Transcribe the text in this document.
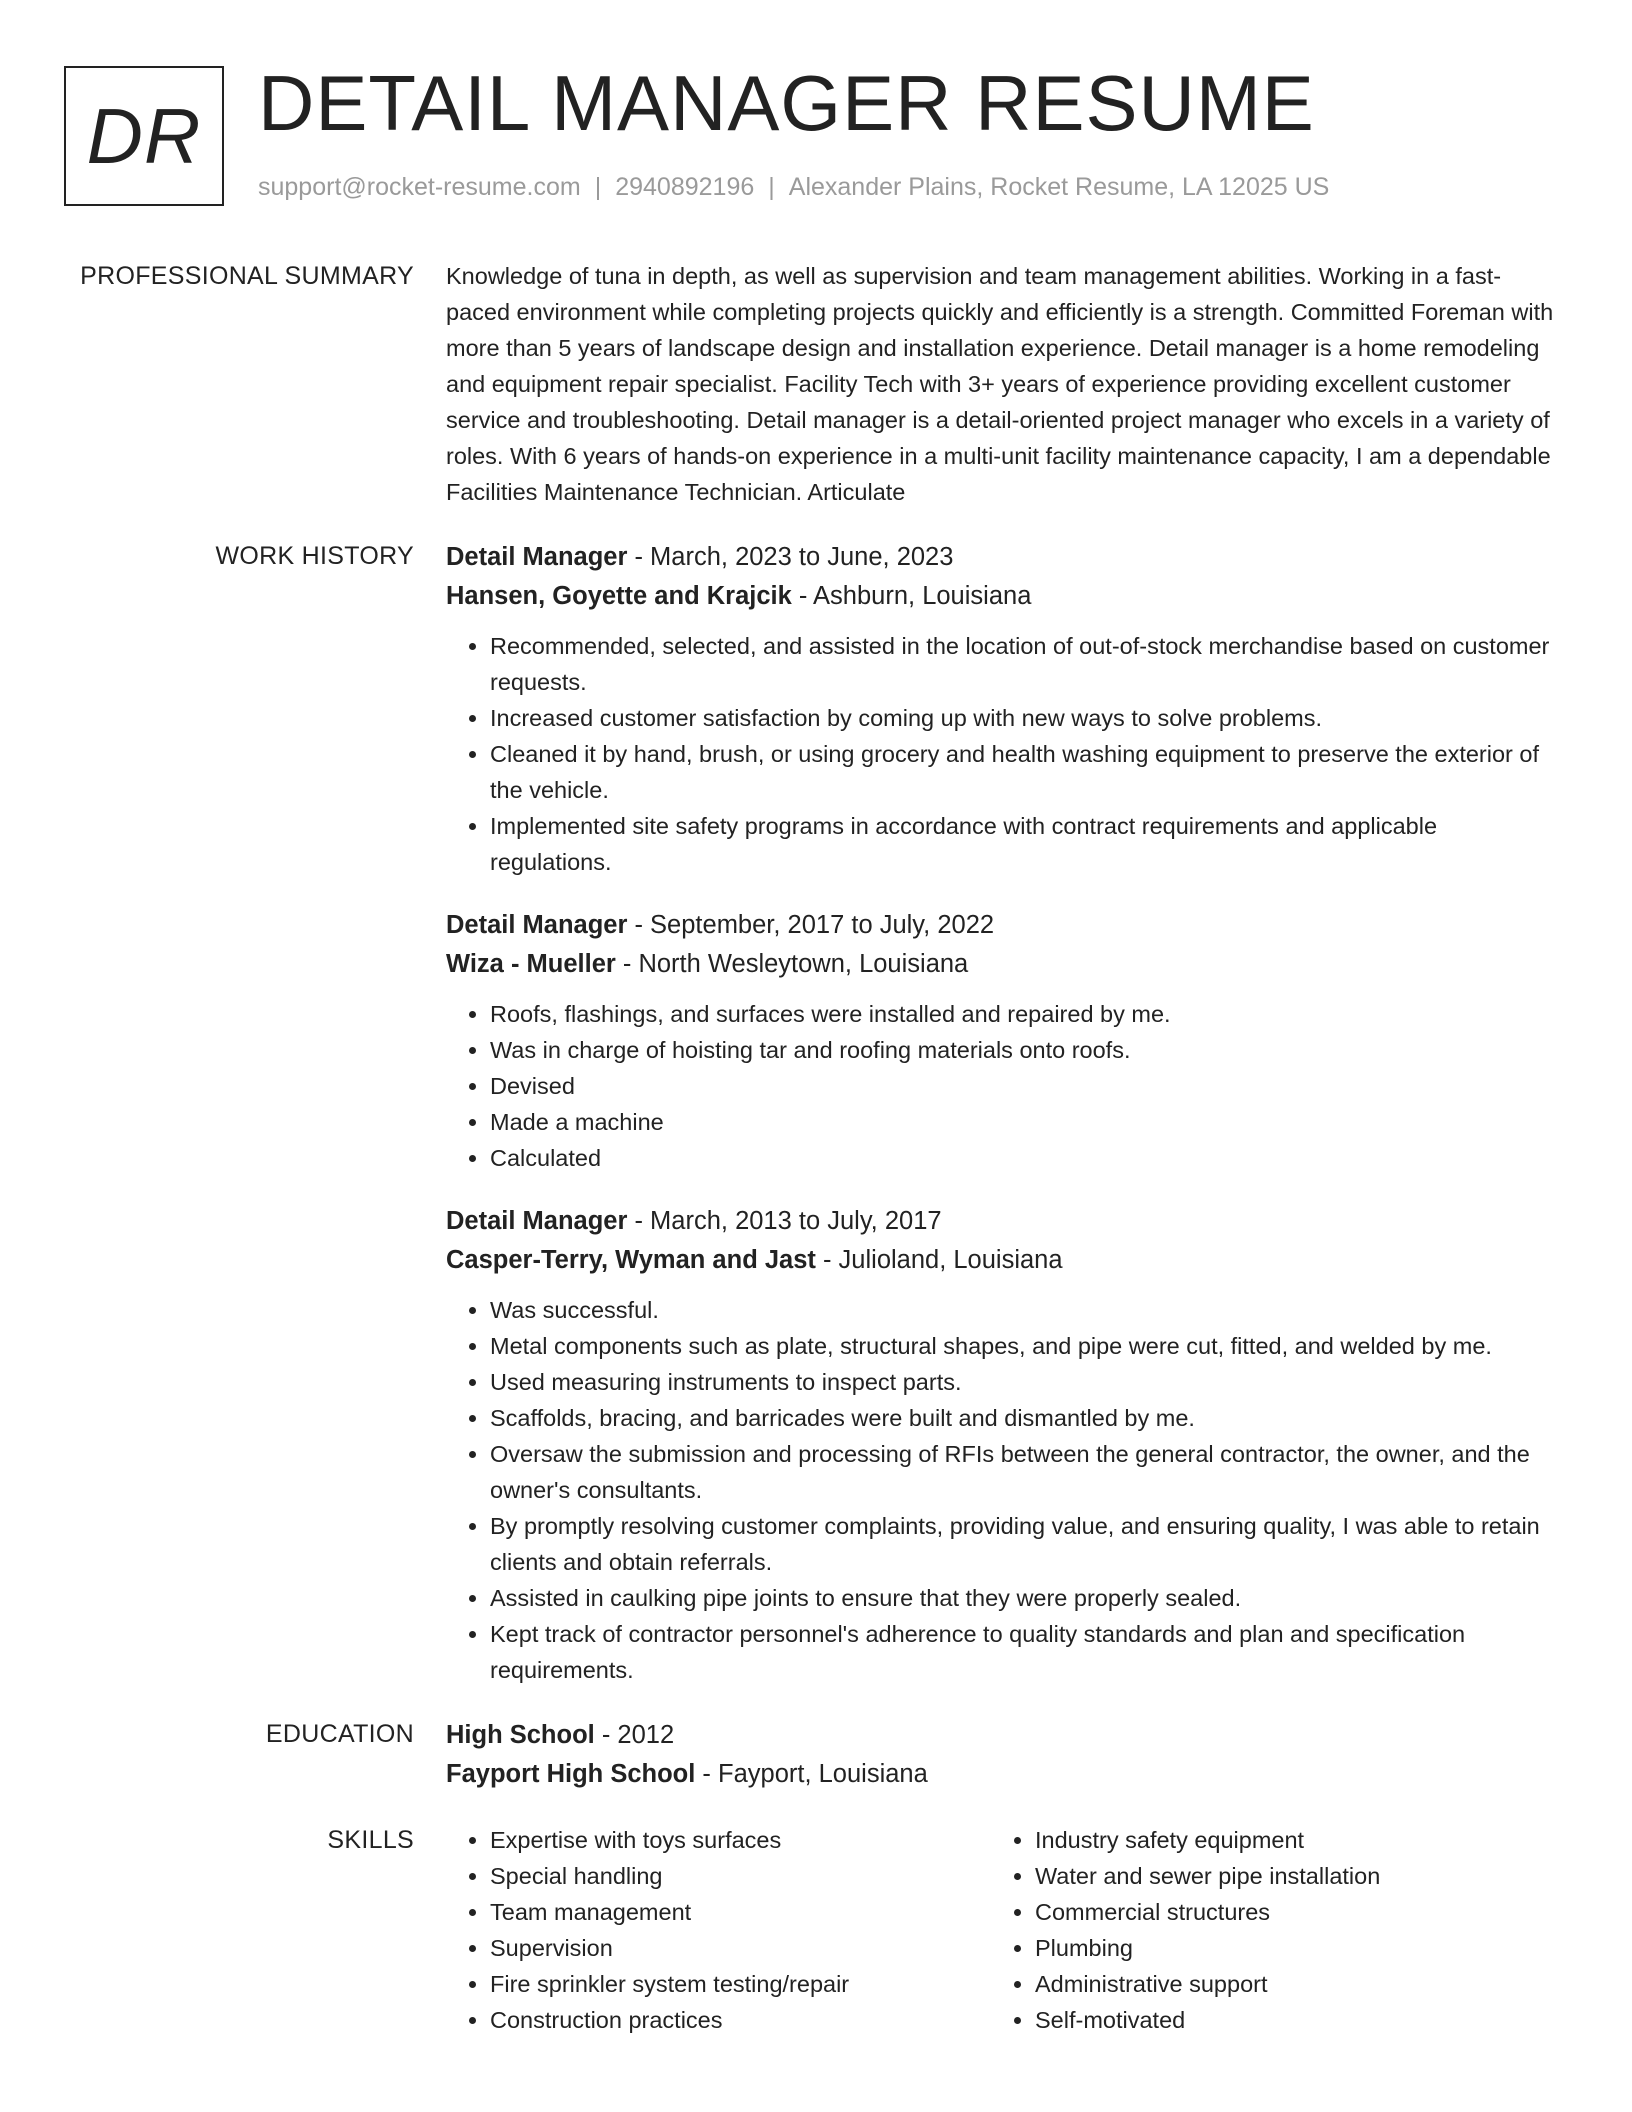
DR DETAIL MANAGER RESUME
support@rocket-resume.com | 2940892196 | Alexander Plains, Rocket Resume, LA 12025 US
PROFESSIONAL SUMMARY	Knowledge of tuna in depth, as well as supervision and team management abilities. Working in a fast-paced environment while completing projects quickly and efficiently is a strength. Committed Foreman with more than 5 years of landscape design and installation experience. Detail manager is a home remodeling and equipment repair specialist. Facility Tech with 3+ years of experience providing excellent customer service and troubleshooting. Detail manager is a detail-oriented project manager who excels in a variety of roles. With 6 years of hands-on experience in a multi-unit facility maintenance capacity, I am a dependable Facilities Maintenance Technician. Articulate

WORK HISTORY	Detail Manager - March, 2023 to June, 2023
Hansen, Goyette and Krajcik - Ashburn, Louisiana
• Recommended, selected, and assisted in the location of out-of-stock merchandise based on customer requests.
• Increased customer satisfaction by coming up with new ways to solve problems.
• Cleaned it by hand, brush, or using grocery and health washing equipment to preserve the exterior of the vehicle.
• Implemented site safety programs in accordance with contract requirements and applicable regulations.
Detail Manager - September, 2017 to July, 2022
Wiza - Mueller - North Wesleytown, Louisiana
• Roofs, flashings, and surfaces were installed and repaired by me.
• Was in charge of hoisting tar and roofing materials onto roofs.
• Devised
• Made a machine
• Calculated
Detail Manager - March, 2013 to July, 2017
Casper-Terry, Wyman and Jast - Julioland, Louisiana
• Was successful.
• Metal components such as plate, structural shapes, and pipe were cut, fitted, and welded by me.
• Used measuring instruments to inspect parts.
• Scaffolds, bracing, and barricades were built and dismantled by me.
• Oversaw the submission and processing of RFIs between the general contractor, the owner, and the owner's consultants.
• By promptly resolving customer complaints, providing value, and ensuring quality, I was able to retain clients and obtain referrals.
• Assisted in caulking pipe joints to ensure that they were properly sealed.
• Kept track of contractor personnel's adherence to quality standards and plan and specification requirements.
EDUCATION	High School - 2012
Fayport High School - Fayport, Louisiana
SKILLS
•	Expertise with toys surfaces
• Special handling
• Team management
• Supervision
• Fire sprinkler system testing/repair
• Construction practices
• Industry safety equipment
• Water and sewer pipe installation
• Commercial structures
• Plumbing
• Administrative support
• Self-motivated
